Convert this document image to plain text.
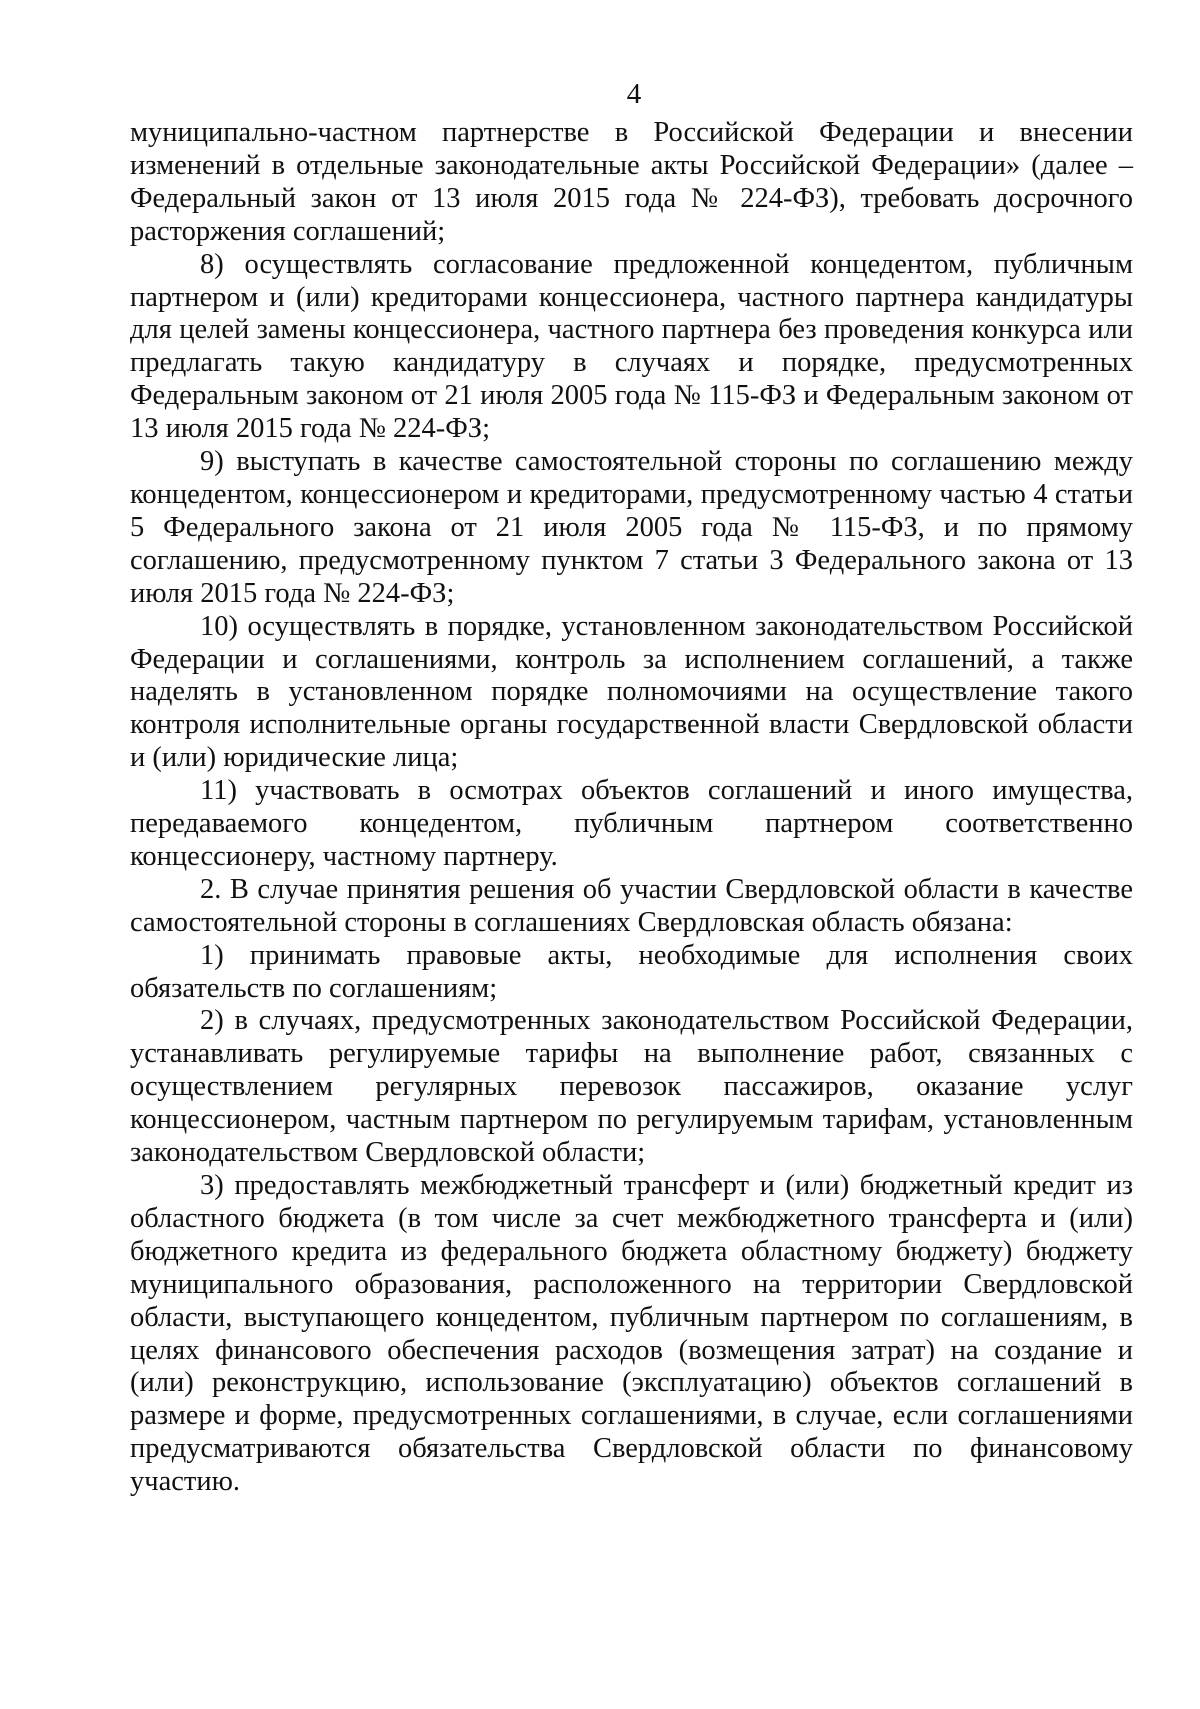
4

муниципально-частном партнерстве в Российской Федерации и внесении изменений в отдельные законодательные акты Российской Федерации» (далее – Федеральный закон от 13 июля 2015 года № 224-ФЗ), требовать досрочного расторжения соглашений;

8) осуществлять согласование предложенной концедентом, публичным партнером и (или) кредиторами концессионера, частного партнера кандидатуры для целей замены концессионера, частного партнера без проведения конкурса или предлагать такую кандидатуру в случаях и порядке, предусмотренных Федеральным законом от 21 июля 2005 года № 115-ФЗ и Федеральным законом от 13 июля 2015 года № 224-ФЗ;

9) выступать в качестве самостоятельной стороны по соглашению между концедентом, концессионером и кредиторами, предусмотренному частью 4 статьи 5 Федерального закона от 21 июля 2005 года № 115-ФЗ, и по прямому соглашению, предусмотренному пунктом 7 статьи 3 Федерального закона от 13 июля 2015 года № 224-ФЗ;

10) осуществлять в порядке, установленном законодательством Российской Федерации и соглашениями, контроль за исполнением соглашений, а также наделять в установленном порядке полномочиями на осуществление такого контроля исполнительные органы государственной власти Свердловской области и (или) юридические лица;

11) участвовать в осмотрах объектов соглашений и иного имущества, передаваемого концедентом, публичным партнером соответственно концессионеру, частному партнеру.

2. В случае принятия решения об участии Свердловской области в качестве самостоятельной стороны в соглашениях Свердловская область обязана:

1) принимать правовые акты, необходимые для исполнения своих обязательств по соглашениям;

2) в случаях, предусмотренных законодательством Российской Федерации, устанавливать регулируемые тарифы на выполнение работ, связанных с осуществлением регулярных перевозок пассажиров, оказание услуг концессионером, частным партнером по регулируемым тарифам, установленным законодательством Свердловской области;

3) предоставлять межбюджетный трансферт и (или) бюджетный кредит из областного бюджета (в том числе за счет межбюджетного трансферта и (или) бюджетного кредита из федерального бюджета областному бюджету) бюджету муниципального образования, расположенного на территории Свердловской области, выступающего концедентом, публичным партнером по соглашениям, в целях финансового обеспечения расходов (возмещения затрат) на создание и (или) реконструкцию, использование (эксплуатацию) объектов соглашений в размере и форме, предусмотренных соглашениями, в случае, если соглашениями предусматриваются обязательства Свердловской области по финансовому участию.
